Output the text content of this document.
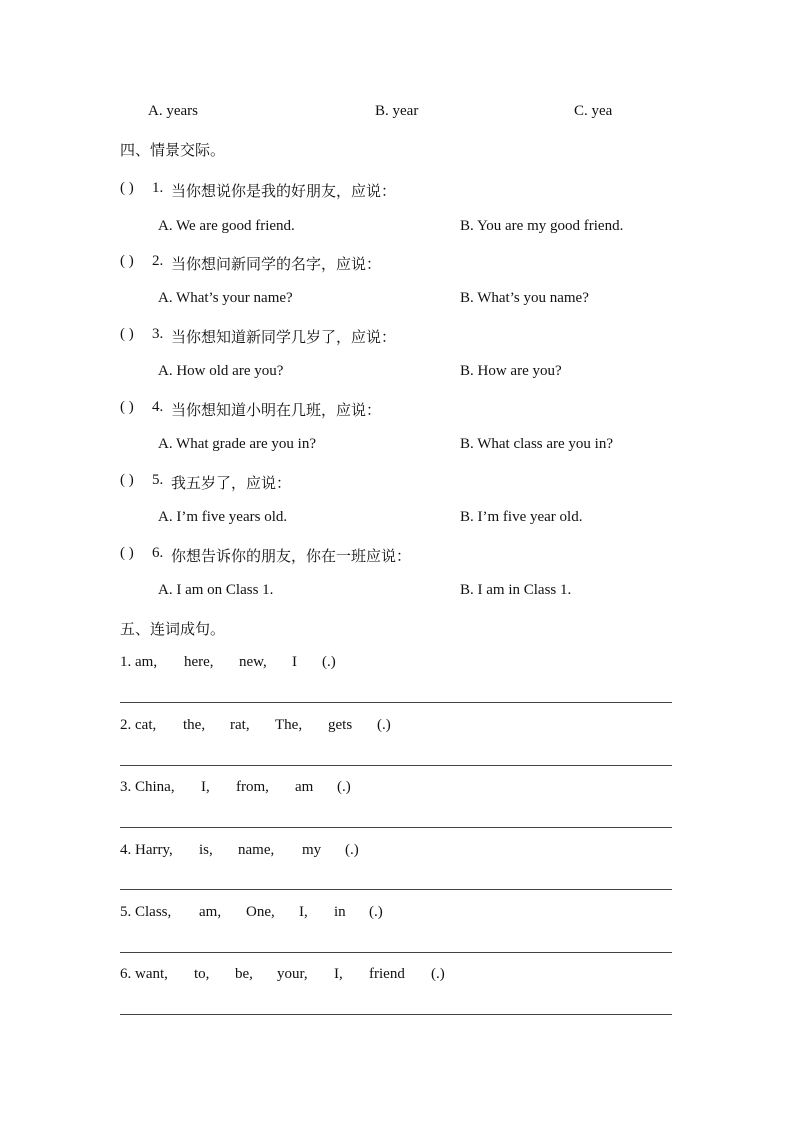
A. years	B. year	C. yea
四、情景交际。
( ) 1. 当你想说你是我的好朋友，应说：
A. We are good friend.	B. You are my good friend.
( ) 2. 当你想问新同学的名字，应说：
A. What’s your name?	B. What’s you name?
( ) 3. 当你想知道新同学几岁了，应说：
A. How old are you?	B. How are you?
( ) 4. 当你想知道小明在几班，应说：
A. What grade are you in?	B. What class are you in?
( ) 5. 我五岁了，应说：
A. I’m five years old.	B. I’m five year old.
( ) 6. 你想告诉你的朋友，你在一班应说：
A. I am on Class 1.	B. I am in Class 1.
五、连词成句。
1. am, here, new, I (.)
2. cat, the, rat, The, gets (.)
3. China, I, from, am (.)
4. Harry, is, name, my (.)
5. Class, am, One, I, in (.)
6. want, to, be, your, I, friend (.)
